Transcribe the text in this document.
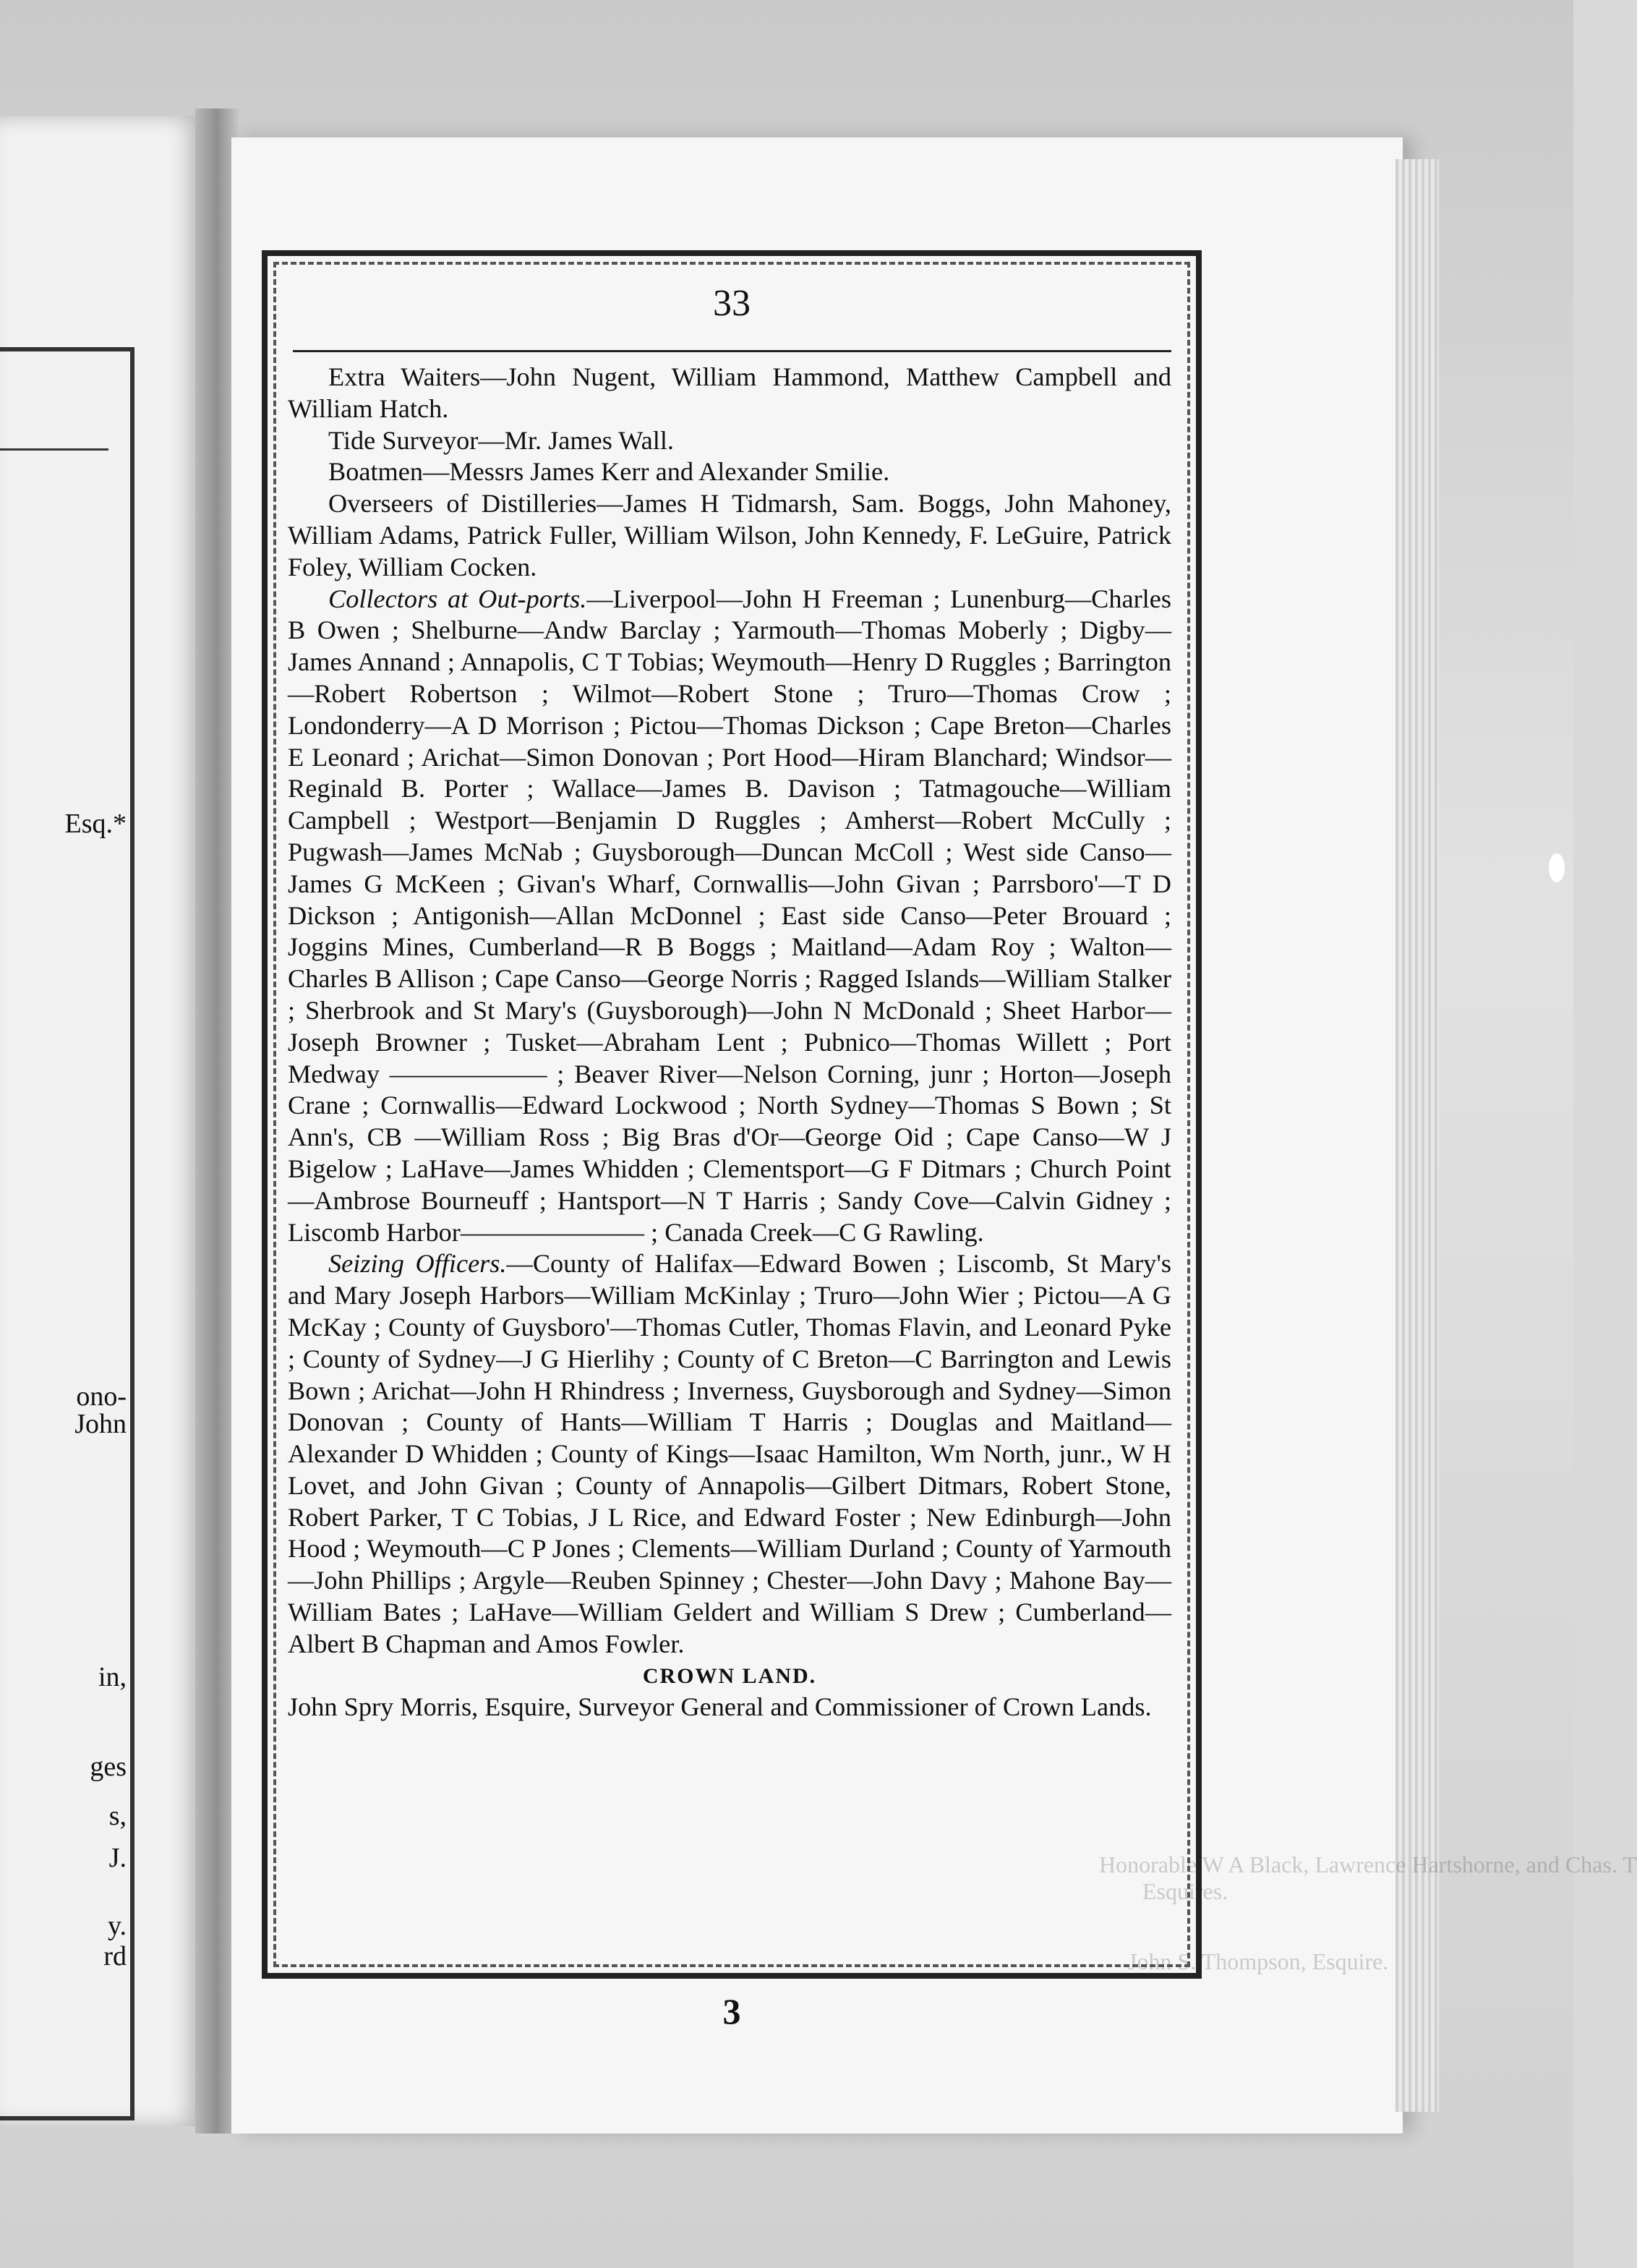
Esq.*
ono-
John
in,
ges
s,
J.
y.
rd
Honorable W A Black, Lawrence Hartshorne, and Chas. T
Esquires.
John S. Thompson, Esquire.
33

Extra Waiters—John Nugent, William Hammond, Matthew Campbell and William Hatch.

Tide Surveyor—Mr. James Wall.

Boatmen—Messrs James Kerr and Alexander Smilie.

Overseers of Distilleries—James H Tidmarsh, Sam. Boggs, John Mahoney, William Adams, Patrick Fuller, William Wilson, John Kennedy, F. LeGuire, Patrick Foley, William Cocken.

Collectors at Out-ports.—Liverpool—John H Freeman ; Lunenburg—Charles B Owen ; Shelburne—Andw Barclay ; Yarmouth—Thomas Moberly ; Digby—James Annand ; Annapolis, C T Tobias; Weymouth—Henry D Ruggles ; Barrington—Robert Robertson ; Wilmot—Robert Stone ; Truro—Thomas Crow ; Londonderry—A D Morrison ; Pictou—Thomas Dickson ; Cape Breton—Charles E Leonard ; Arichat—Simon Donovan ; Port Hood—Hiram Blanchard; Windsor—Reginald B. Porter ; Wallace—James B. Davison ; Tatmagouche—William Campbell ; Westport—Benjamin D Ruggles ; Amherst—Robert McCully ; Pugwash—James McNab ; Guysborough—Duncan McColl ; West side Canso—James G McKeen ; Givan's Wharf, Cornwallis—John Givan ; Parrsboro'—T D Dickson ; Antigonish—Allan McDonnel ; East side Canso—Peter Brouard ; Joggins Mines, Cumberland—R B Boggs ; Maitland—Adam Roy ; Walton—Charles B Allison ; Cape Canso—George Norris ; Ragged Islands—William Stalker ; Sherbrook and St Mary's (Guysborough)—John N McDonald ; Sheet Harbor—Joseph Browner ; Tusket—Abraham Lent ; Pubnico—Thomas Willett ; Port Medway —————— ; Beaver River—Nelson Corning, junr ; Horton—Joseph Crane ; Cornwallis—Edward Lockwood ; North Sydney—Thomas S Bown ; St Ann's, CB —William Ross ; Big Bras d'Or—George Oid ; Cape Canso—W J Bigelow ; LaHave—James Whidden ; Clementsport—G F Ditmars ; Church Point—Ambrose Bourneuff ; Hantsport—N T Harris ; Sandy Cove—Calvin Gidney ; Liscomb Harbor——————— ; Canada Creek—C G Rawling.

Seizing Officers.—County of Halifax—Edward Bowen ; Liscomb, St Mary's and Mary Joseph Harbors—William McKinlay ; Truro—John Wier ; Pictou—A G McKay ; County of Guysboro'—Thomas Cutler, Thomas Flavin, and Leonard Pyke ; County of Sydney—J G Hierlihy ; County of C Breton—C Barrington and Lewis Bown ; Arichat—John H Rhindress ; Inverness, Guysborough and Sydney—Simon Donovan ; County of Hants—William T Harris ; Douglas and Maitland—Alexander D Whidden ; County of Kings—Isaac Hamilton, Wm North, junr., W H Lovet, and John Givan ; County of Annapolis—Gilbert Ditmars, Robert Stone, Robert Parker, T C Tobias, J L Rice, and Edward Foster ; New Edinburgh—John Hood ; Weymouth—C P Jones ; Clements—William Durland ; County of Yarmouth—John Phillips ; Argyle—Reuben Spinney ; Chester—John Davy ; Mahone Bay—William Bates ; LaHave—William Geldert and William S Drew ; Cumberland—Albert B Chapman and Amos Fowler.

CROWN LAND.

John Spry Morris, Esquire, Surveyor General and Commissioner of Crown Lands.

3
